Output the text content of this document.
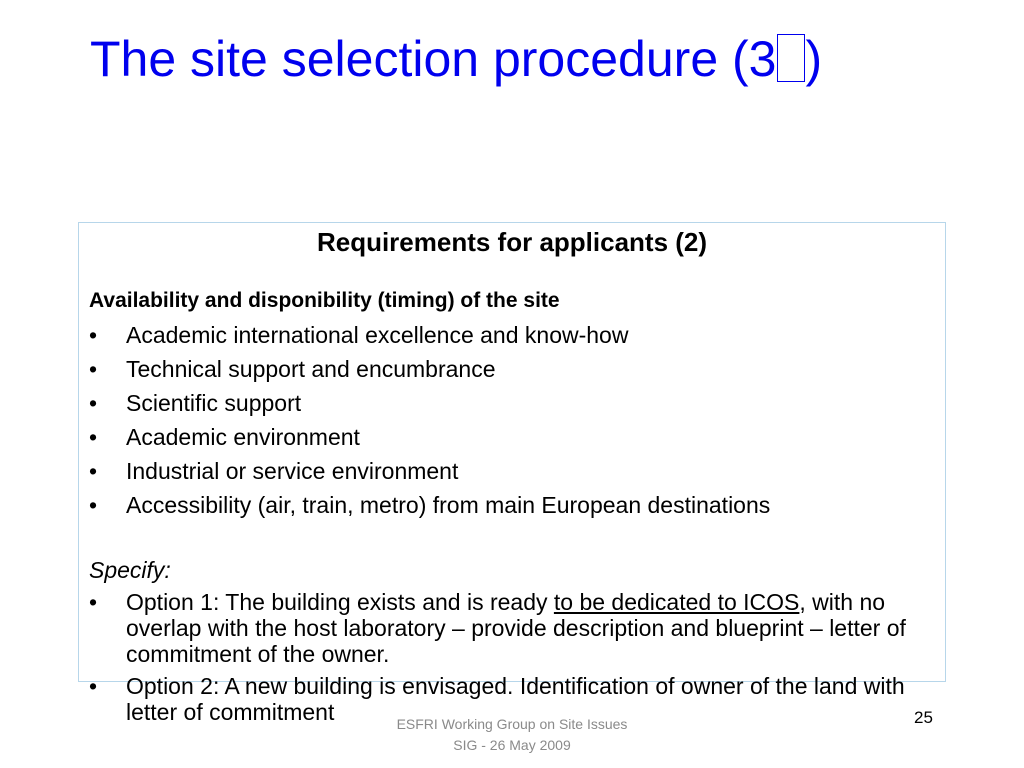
The site selection procedure (3 )
Requirements for applicants (2)
Availability and disponibility (timing) of the site
• Academic international excellence and know-how
• Technical support and encumbrance
• Scientific support
• Academic environment
• Industrial or service environment
• Accessibility (air, train, metro) from main European destinations
Specify:
• Option 1: The building exists and is ready to be dedicated to ICOS, with no overlap with the host laboratory – provide description and blueprint – letter of commitment of the owner.
• Option 2: A new building is envisaged. Identification of owner of the land with letter of commitment	ESFRI Working Group on Site Issues
SIG - 26 May 2009
25
